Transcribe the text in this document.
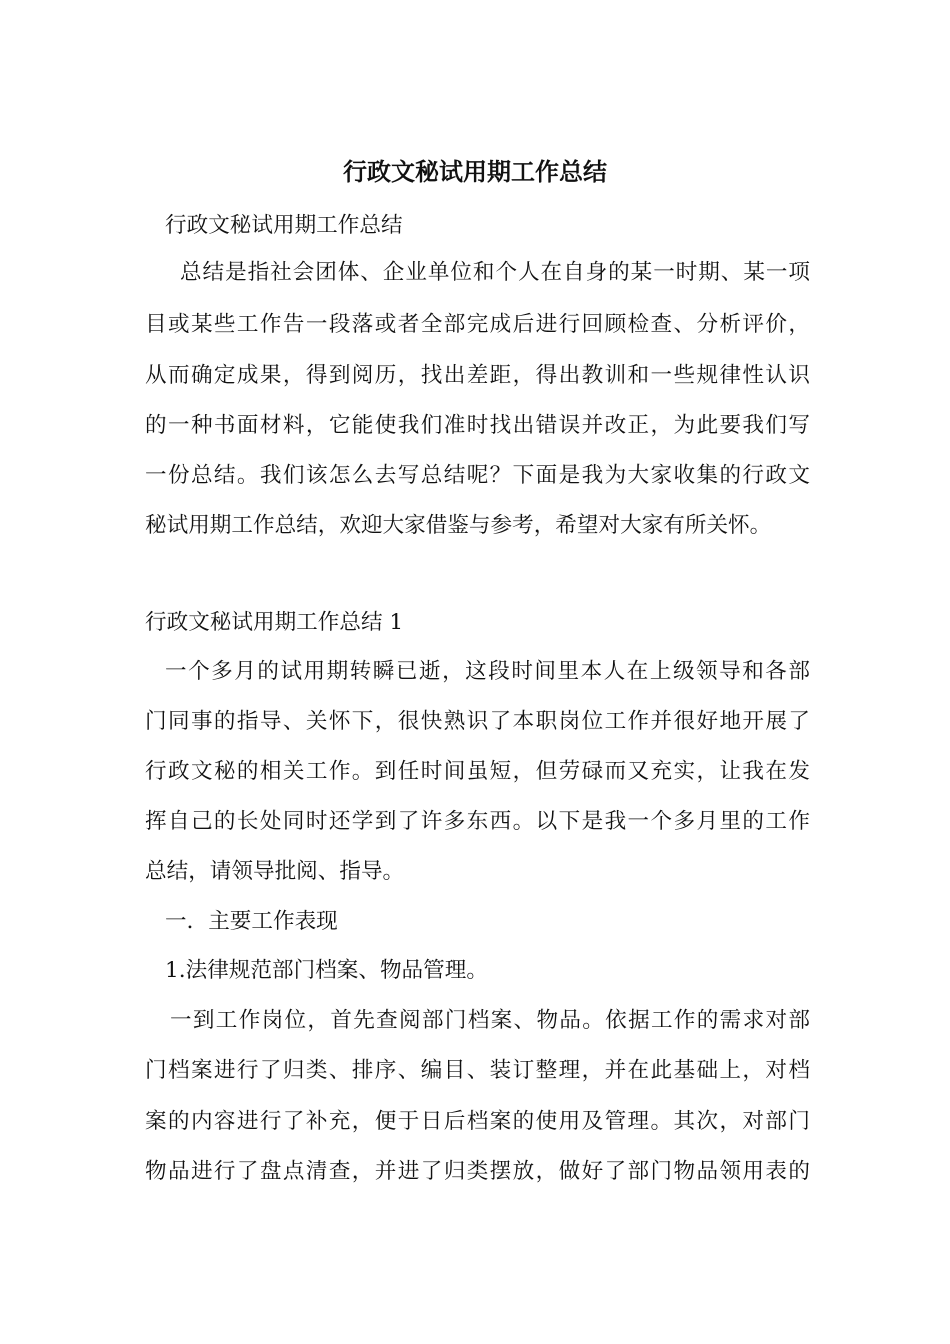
行政文秘试用期工作总结
行政文秘试用期工作总结
总结是指社会团体、企业单位和个人在自身的某一时期、某一项
目或某些工作告一段落或者全部完成后进行回顾检查、分析评价，
从而确定成果，得到阅历，找出差距，得出教训和一些规律性认识
的一种书面材料，它能使我们准时找出错误并改正，为此要我们写
一份总结。我们该怎么去写总结呢？下面是我为大家收集的行政文
秘试用期工作总结，欢迎大家借鉴与参考，希望对大家有所关怀。
行政文秘试用期工作总结 1
一个多月的试用期转瞬已逝，这段时间里本人在上级领导和各部
门同事的指导、关怀下，很快熟识了本职岗位工作并很好地开展了
行政文秘的相关工作。到任时间虽短，但劳碌而又充实，让我在发
挥自己的长处同时还学到了许多东西。以下是我一个多月里的工作
总结，请领导批阅、指导。
一．主要工作表现
1.法律规范部门档案、物品管理。
一到工作岗位，首先查阅部门档案、物品。依据工作的需求对部
门档案进行了归类、排序、编目、装订整理，并在此基础上，对档
案的内容进行了补充，便于日后档案的使用及管理。其次，对部门
物品进行了盘点清查，并进了归类摆放，做好了部门物品领用表的
